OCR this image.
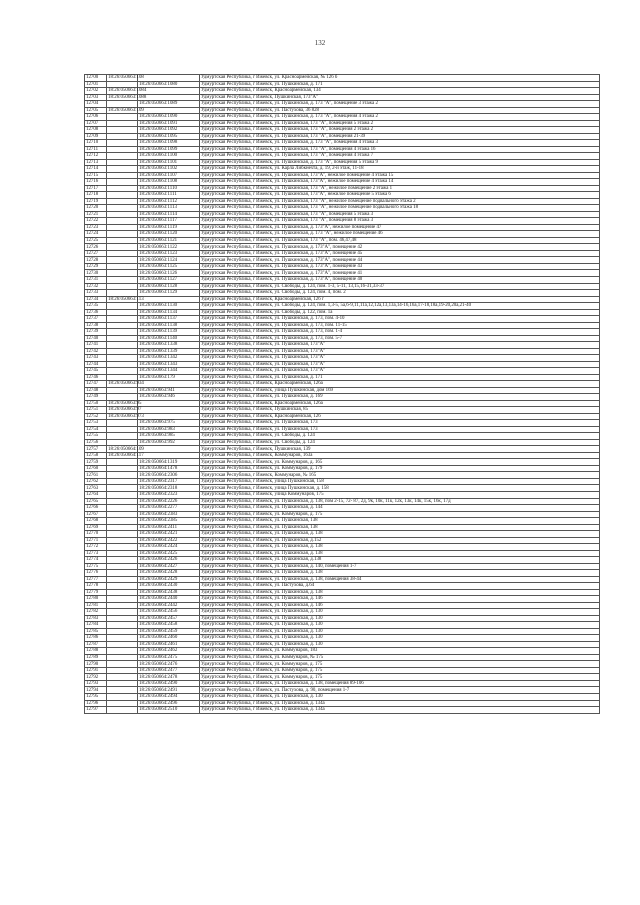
132
12700	18:26:050663:108		Удмуртская Республика, г Ижевск, ул. Красноармейская, № 126 б
12701		18:26:050663:1080	Удмуртская Республика, г Ижевск, ул. Пушкинская, д. 171
12702	18:26:050663:1084		Удмуртская Республика, г Ижевск, Красноармейская, 134
12703	18:26:050663:1088		Удмуртская Республика, г Ижевск, Пушкинская, 173"А"
12704		18:26:050663:1089	Удмуртская Республика, г Ижевск, ул. Пушкинская, д. 173 "А", помещение 3 этажа 2
12705	18:26:050663:109		Удмуртская Республика, г Ижевск, ул. Пастухова, 36 828
12706		18:26:050663:1090	Удмуртская Республика, г Ижевск, ул. Пушкинская, д. 173 "А", помещения 4 этажа 2
12707		18:26:050663:1091	Удмуртская Республика, г Ижевск, ул. Пушкинская, 173 "А", помещения 5 этажа 2
12708		18:26:050663:1092	Удмуртская Республика, г Ижевск, ул. Пушкинская, 173 "А", помещения 2 этажа 2
12709		18:26:050663:1095	Удмуртская Республика, г Ижевск, ул. Пушкинская, 173 "А", помещения 21-39
12710		18:26:050663:1098	Удмуртская Республика, г Ижевск, ул. Пушкинская, д. 173 "А", помещения 4 этажа 3
12711		18:26:050663:1099	Удмуртская Республика, г Ижевск, ул. Пушкинская, 173 "А", помещения 4 этажа 16
12712		18:26:050663:1100	Удмуртская Республика, г Ижевск, ул. Пушкинская, 173 "А", помещения 4 этажа 7
12713		18:26:050663:1101	Удмуртская Республика, г Ижевск, ул. Пушкинская, д. 173 "А", помещения 5 этажа 9
12714		18:26:050663:1102	Удмуртская Республика, г Ижевск, ул. Карла Либкнехта, д. 19, 2-й этаж, 11-18
12715		18:26:050663:1107	Удмуртская Республика, г Ижевск, ул. Пушкинская, 173"А", нежилое помещение 4 этажа 15
12716		18:26:050663:1108	Удмуртская Республика, г Ижевск, ул. Пушкинская, 173"А", нежилое помещение 4 этажа 14
12717		18:26:050663:1110	Удмуртская Республика, г Ижевск, ул. Пушкинская, 173 "А", нежилое помещение 2 этажа 1
12718		18:26:050663:1111	Удмуртская Республика, г Ижевск, ул. Пушкинская, 173"А", нежилое помещение 5 этажа 6
12719		18:26:050663:1112	Удмуртская Республика, г Ижевск, ул. Пушкинская, 173 "А", нежилое помещение подвального этажа 2
12720		18:26:050663:1113	Удмуртская Республика, г Ижевск, ул. Пушкинская, 173 "А", нежилое помещение подвального этажа 18
12721		18:26:050663:1114	Удмуртская Республика, г Ижевск, ул. Пушкинская, 173 "А", помещения 5 этажа 3
12722		18:26:050663:1117	Удмуртская Республика, г Ижевск, ул. Пушкинская, 173 "А", помещения 8 этажа 3
12723		18:26:050663:1119	Удмуртская Республика, г Ижевск, ул. Пушкинская, д. 173"А", нежилое помещение 47
12724		18:26:050663:1120	Удмуртская Республика, г Ижевск, ул. Пушкинская, д. 173 "А", нежилое помещение 46
12725		18:26:050663:1121	Удмуртская Республика, г Ижевск, ул. Пушкинская, 173 "А", пом. 46,47,48
12726		18:26:050663:1122	Удмуртская Республика, г Ижевск, ул. Пушкинская, д. 173"А", помещение 42
12727		18:26:050663:1123	Удмуртская Республика, г Ижевск, ул. Пушкинская, д. 173"А", помещение 45
12728		18:26:050663:1124	Удмуртская Республика, г Ижевск, ул. Пушкинская, д. 173"А", помещение 44
12729		18:26:050663:1125	Удмуртская Республика, г Ижевск, ул. Пушкинская, д. 173"А", помещение 43
12730		18:26:050663:1126	Удмуртская Республика, г Ижевск, ул. Пушкинская, д. 173"А", помещение 41
12731		18:26:050663:1127	Удмуртская Республика, г Ижевск, ул. Пушкинская, д. 173"А", помещение 40
12732		18:26:050663:1128	Удмуртская Республика, г Ижевск, ул. Свободы, д. 124, пом. 1-3, 5-11, 13,15,16-31,33-37
12733		18:26:050663:1129	Удмуртская Республика, г Ижевск, ул. Свободы, д. 124, пом. 4, пом. 2
12734	18:26:050663:113		Удмуртская Республика, г Ижевск, Красноармейская, 126 г
12735		18:26:050663:1130	Удмуртская Республика, г Ижевск, ул. Свободы, д. 124, пом. 1,3-5, 5а,6-9,11,11а,12,12а,13,13а,14-16,16а,17-18,18а,19-20,20а,21-40
12736		18:26:050663:1134	Удмуртская Республика, г Ижевск, ул. Свободы, д. 122, пом. 1а
12737		18:26:050663:1137	Удмуртская Республика, г Ижевск, ул. Пушкинская, д. 173, пом. 4-10
12738		18:26:050663:1138	Удмуртская Республика, г Ижевск, ул. Пушкинская, д. 173, пом. 11-15
12739		18:26:050663:1139	Удмуртская Республика, г Ижевск, ул. Пушкинская, д. 173, пом. 1-4
12740		18:26:050663:1140	Удмуртская Республика, г Ижевск, ул. Пушкинская, д. 173, пом. 5-7
12741		18:26:050663:1338	Удмуртская Республика, г Ижевск, ул. Пушкинская, 173"А"
12742		18:26:050663:1339	Удмуртская Республика, г Ижевск, ул. Пушкинская, 173"А"
12743		18:26:050663:1342	Удмуртская Республика, г Ижевск, ул. Пушкинская, 173"А"
12744		18:26:050663:1343	Удмуртская Республика, г Ижевск, ул. Пушкинская, 173"А"
12745		18:26:050663:1344	Удмуртская Республика, г Ижевск, ул. Пушкинская, 173"А"
12746		18:26:050663:179	Удмуртская Республика, г Ижевск, ул. Пушкинская, д. 171
12747	18:26:050663:934		Удмуртская Республика, г Ижевск, Красноармейская, 126а
12748		18:26:050663:941	Удмуртская Республика, г Ижевск, улица Пушкинская, дом 169
12749		18:26:050663:946	Удмуртская Республика, г Ижевск, ул. Пушкинская, д. 169
12750	18:26:050663:95		Удмуртская Республика, г Ижевск, Красноармейская, 126а
12751	18:26:050663:97		Удмуртская Республика, г Ижевск, Пушкинская, 85
12752	18:26:050663:973		Удмуртская Республика, г Ижевск, Красноармейская, 126
12753		18:26:050663:975	Удмуртская Республика, г Ижевск, ул. Пушкинская, 173
12754		18:26:050663:983	Удмуртская Республика, г Ижевск, ул. Пушкинская, 173
12755		18:26:050663:985	Удмуртская Республика, г Ижевск, ул. Свободы, д. 124
12756		18:26:050663:992	Удмуртская Республика, г Ижевск, ул. Свободы, д. 124
12757	18:26:050664:109		Удмуртская Республика, г Ижевск, Пушкинская, 139
12758	18:26:050664:117		Удмуртская Республика, г Ижевск, Коммунаров, 163а
12759		18:26:050664:1319	Удмуртская Республика, г Ижевск, ул. Коммунаров, д. 165
12760		18:26:050664:1478	Удмуртская Республика, г Ижевск, ул. Коммунаров, д. 179
12761		18:26:050664:2306	Удмуртская Республика, г Ижевск, Коммунаров, № 165
12762		18:26:050664:2317	Удмуртская Республика, г Ижевск, улица Пушкинская, 158
12763		18:26:050664:2318	Удмуртская Республика, г Ижевск, улица Пушкинская, д. 158
12764		18:26:050664:2323	Удмуртская Республика, г Ижевск, улица Коммунаров, 175
12765		18:26:050664:2226	Удмуртская Республика, г Ижевск, ул. Пушкинская, д. 138, пом 2-15, 72- 87, 2д, 9к, 10к, 11к, 12к, 13к, 14к, 15к, 16к, 17д
12766		18:26:050664:2277	Удмуртская Республика, г Ижевск, ул. Пушкинская, д. 144
12767		18:26:050664:2383	Удмуртская Республика, г Ижевск, ул. Коммунаров, д. 175
12768		18:26:050664:2385	Удмуртская Республика, г Ижевск, ул. Пушкинская, 138
12769		18:26:050664:2411	Удмуртская Республика, г Ижевск, ул. Пушкинская, 138
12770		18:26:050664:2421	Удмуртская Республика, г Ижевск, ул. Пушкинская, д. 138
12771		18:26:050664:2422	Удмуртская Республика, г Ижевск, ул. Пушкинская, д.152
12772		18:26:050664:2424	Удмуртская Республика, г Ижевск, ул. Пушкинская, д. 138
12773		18:26:050664:2425	Удмуртская Республика, г Ижевск, ул. Пушкинская, д. 138
12774		18:26:050664:2426	Удмуртская Республика, г Ижевск, ул. Пушкинская, д.138
12775		18:26:050664:2427	Удмуртская Республика, г Ижевск, ул. Пушкинская, д. 140, помещения 1-7
12776		18:26:050664:2428	Удмуртская Республика, г Ижевск, ул. Пушкинская, д. 138
12777		18:26:050664:2429	Удмуртская Республика, г Ижевск, ул. Пушкинская, д. 138, помещения 38-44
12778		18:26:050664:2430	Удмуртская Республика, г Ижевск, ул. Пастухова, д.64
12779		18:26:050664:2438	Удмуртская Республика, г Ижевск, ул. Пушкинская, д. 138
12780		18:26:050664:2440	Удмуртская Республика, г Ижевск, ул. Пушкинская, д. 146
12781		18:26:050664:2442	Удмуртская Республика, г Ижевск, ул. Пушкинская, д. 146
12782		18:26:050664:2456	Удмуртская Республика, г Ижевск, ул. Пушкинская, д. 130
12783		18:26:050664:2457	Удмуртская Республика, г Ижевск, ул. Пушкинская, д. 130
12784		18:26:050664:2458	Удмуртская Республика, г Ижевск, ул. Пушкинская, д. 130
12785		18:26:050664:2459	Удмуртская Республика, г Ижевск, ул. Пушкинская, д. 130
12786		18:26:050664:2460	Удмуртская Республика, г Ижевск, ул. Пушкинская, д. 130
12787		18:26:050664:2461	Удмуртская Республика, г Ижевск, ул. Пушкинская, д. 130
12788		18:26:050664:2462	Удмуртская Республика, г Ижевск, ул. Коммунаров, 183
12789		18:26:050664:2475	Удмуртская Республика, г Ижевск, ул. Коммунаров, № 175
12790		18:26:050664:2476	Удмуртская Республика, г Ижевск, ул. Коммунаров, д. 175
12791		18:26:050664:2477	Удмуртская Республика, г Ижевск, ул. Коммунаров, д. 175
12792		18:26:050664:2478	Удмуртская Республика, г Ижевск, ул. Коммунаров, д. 175
12793		18:26:050664:2490	Удмуртская Республика, г Ижевск, ул. Пушкинская, д. 138, помещения 89-106
12794		18:26:050664:2491	Удмуртская Республика, г Ижевск, ул. Пастухова, д. 90, помещения 1-7
12795		18:26:050664:2494	Удмуртская Республика, г Ижевск, ул. Пушкинская, д. 130
12796		18:26:050664:2496	Удмуртская Республика, г Ижевск, ул. Пушкинская, д. 134а
12797		18:26:050664:2510	Удмуртская Республика, г Ижевск, ул. Пушкинская, д. 134а
